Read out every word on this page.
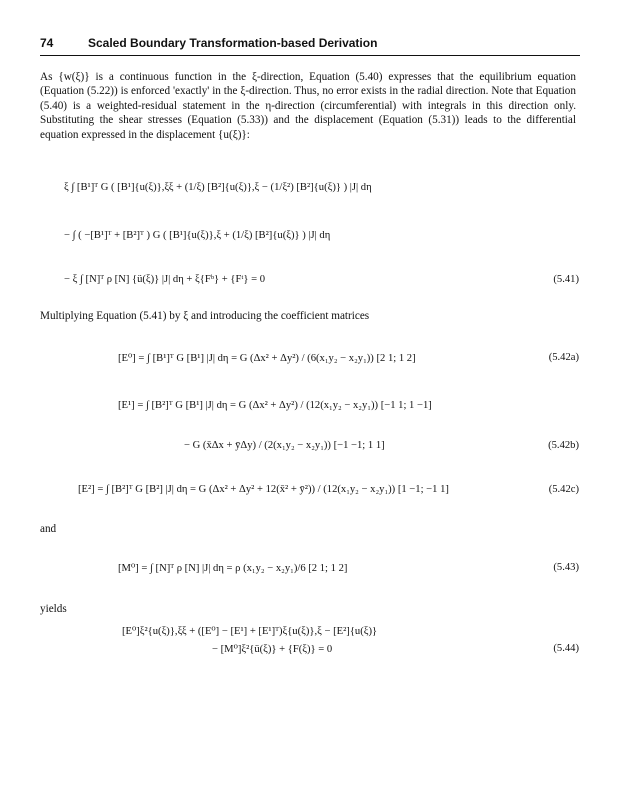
74	Scaled Boundary Transformation-based Derivation
As {w(ξ)} is a continuous function in the ξ-direction, Equation (5.40) expresses that the equilibrium equation (Equation (5.22)) is enforced 'exactly' in the ξ-direction. Thus, no error exists in the radial direction. Note that Equation (5.40) is a weighted-residual statement in the η-direction (circumferential) with integrals in this direction only. Substituting the shear stresses (Equation (5.33)) and the displacement (Equation (5.31)) leads to the differential equation expressed in the displacement {u(ξ)}:
ξ ∫ [B¹]ᵀ G ( [B¹]{u(ξ)},ξξ + (1/ξ) [B²]{u(ξ)},ξ − (1/ξ²) [B²]{u(ξ)} ) |J| dη
− ∫ ( −[B¹]ᵀ + [B²]ᵀ ) G ( [B¹]{u(ξ)},ξ + (1/ξ) [B²]{u(ξ)} ) |J| dη
− ξ ∫ [N]ᵀ ρ [N] {ü(ξ)} |J| dη + ξ{Fᵇ} + {Fᵗ} = 0	(5.41)
Multiplying Equation (5.41) by ξ and introducing the coefficient matrices
[E⁰] = ∫ [B¹]ᵀ G [B¹] |J| dη = G (Δx² + Δy²) / (6(x₁y₂ − x₂y₁)) [2 1; 1 2]	(5.42a)
[E¹] = ∫ [B²]ᵀ G [B¹] |J| dη = G (Δx² + Δy²) / (12(x₁y₂ − x₂y₁)) [−1 1; 1 −1]
− G (x̄Δx + ȳΔy) / (2(x₁y₂ − x₂y₁)) [−1 −1; 1 1]	(5.42b)
[E²] = ∫ [B²]ᵀ G [B²] |J| dη = G (Δx² + Δy² + 12(x̄² + ȳ²)) / (12(x₁y₂ − x₂y₁)) [1 −1; −1 1]	(5.42c)
and
[M⁰] = ∫ [N]ᵀ ρ [N] |J| dη = ρ (x₁y₂ − x₂y₁)/6 [2 1; 1 2]	(5.43)
yields
[E⁰]ξ²{u(ξ)},ξξ + ([E⁰] − [E¹] + [E¹]ᵀ)ξ{u(ξ)},ξ − [E²]{u(ξ)}
− [M⁰]ξ²{ü(ξ)} + {F(ξ)} = 0	(5.44)
